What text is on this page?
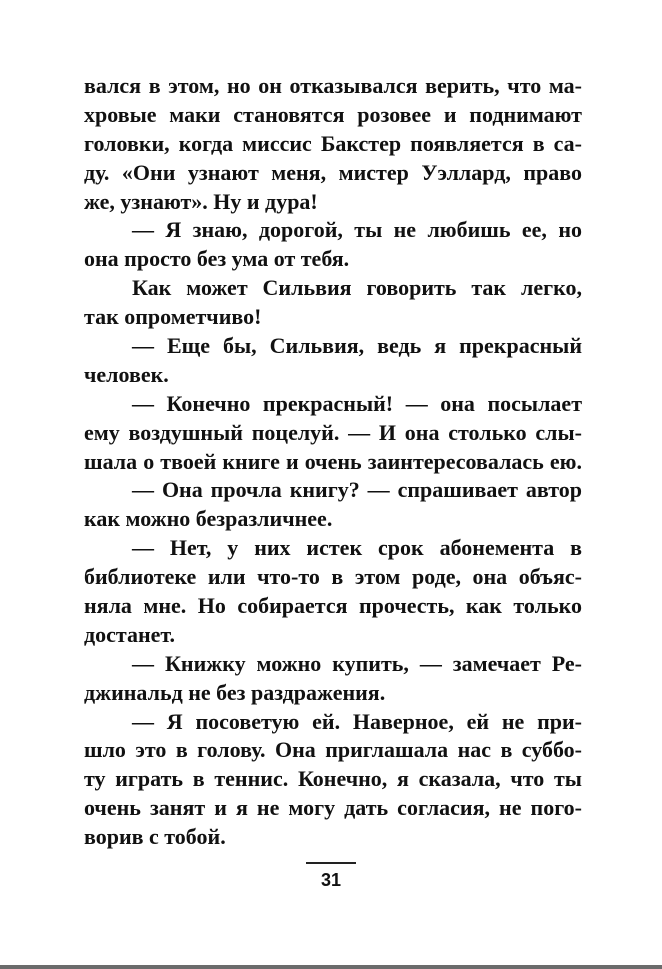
вался в этом, но он отказывался верить, что ма-
хровые маки становятся розовее и поднимают
головки, когда миссис Бакстер появляется в са-
ду. «Они узнают меня, мистер Уэллард, право
же, узнают». Ну и дура!
— Я знаю, дорогой, ты не любишь ее, но
она просто без ума от тебя.
Как может Сильвия говорить так легко,
так опрометчиво!
— Еще бы, Сильвия, ведь я прекрасный
человек.
— Конечно прекрасный! — она посылает
ему воздушный поцелуй. — И она столько слы-
шала о твоей книге и очень заинтересовалась ею.
— Она прочла книгу? — спрашивает автор
как можно безразличнее.
— Нет, у них истек срок абонемента в
библиотеке или что-то в этом роде, она объяс-
няла мне. Но собирается прочесть, как только
достанет.
— Книжку можно купить, — замечает Ре-
джинальд не без раздражения.
— Я посоветую ей. Наверное, ей не при-
шло это в голову. Она приглашала нас в суббо-
ту играть в теннис. Конечно, я сказала, что ты
очень занят и я не могу дать согласия, не пого-
ворив с тобой.
31
